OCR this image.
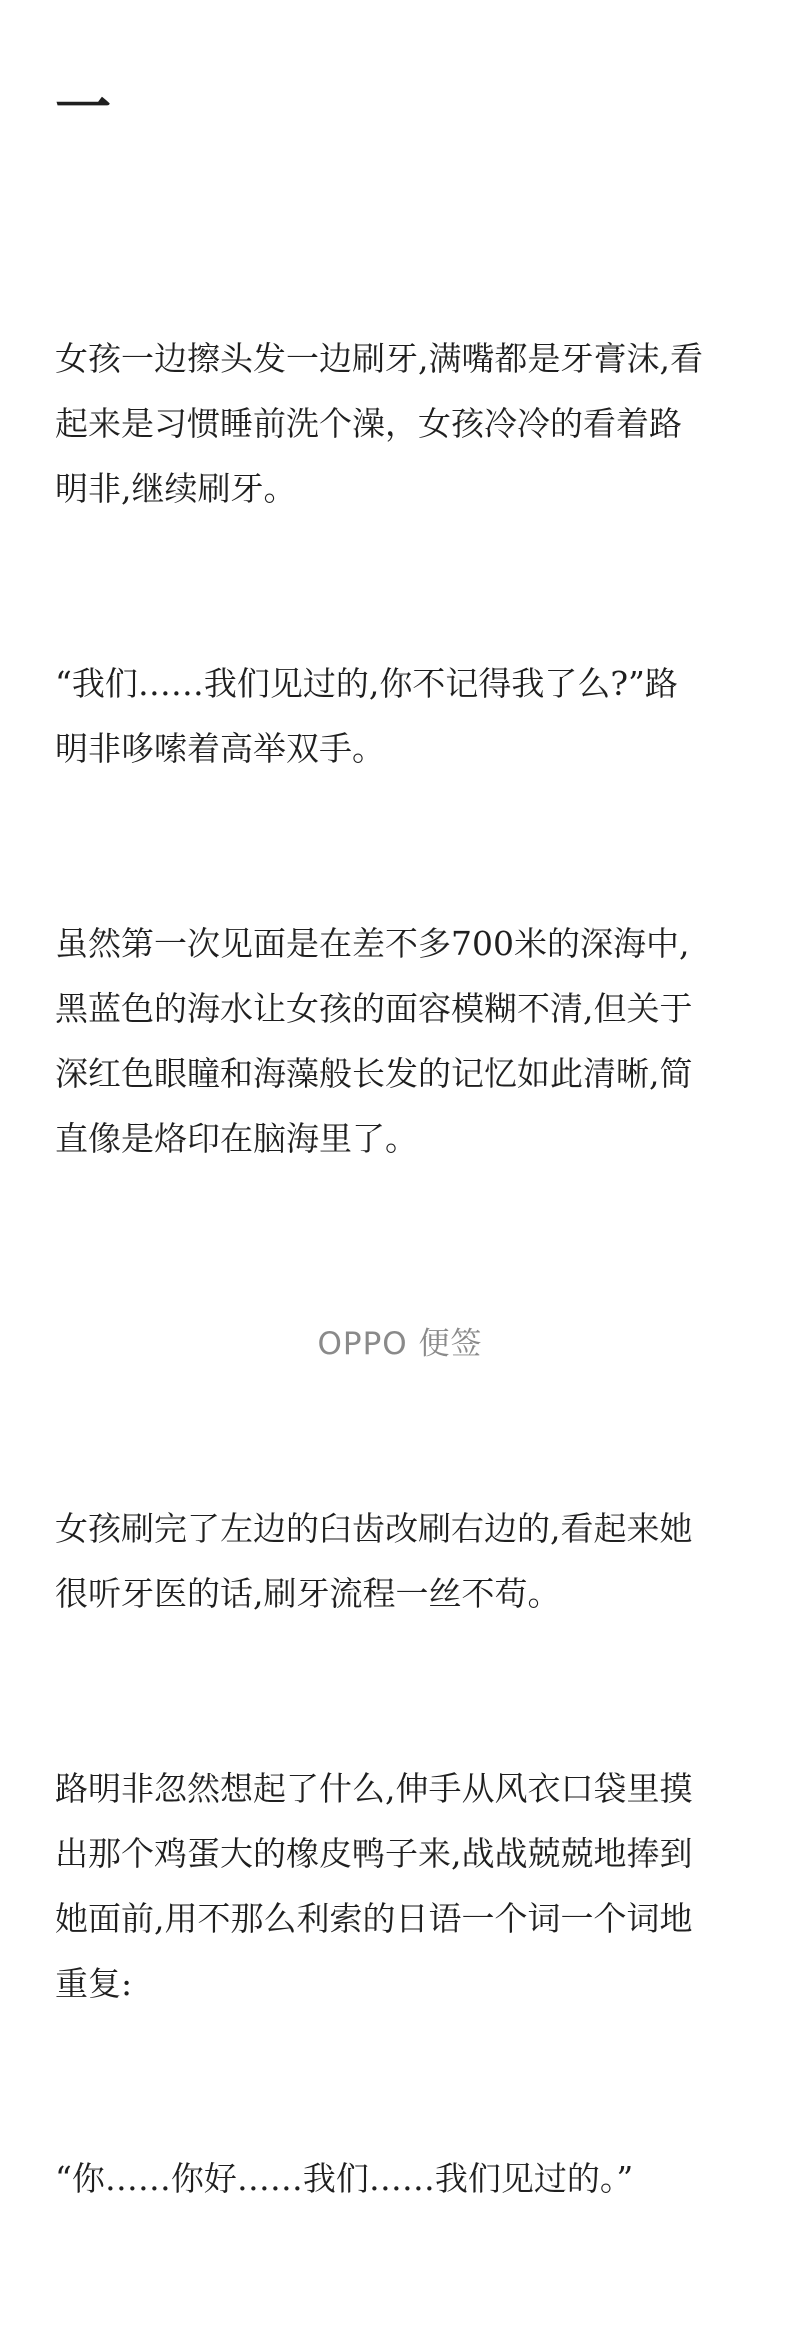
一

女孩一边擦头发一边刷牙,满嘴都是牙膏沫,看
起来是习惯睡前洗个澡，女孩冷冷的看着路
明非,继续刷牙。

“我们……我们见过的,你不记得我了么?”路
明非哆嗦着高举双手。

虽然第一次见面是在差不多700米的深海中,
黑蓝色的海水让女孩的面容模糊不清,但关于
深红色眼瞳和海藻般长发的记忆如此清晰,简
直像是烙印在脑海里了。

女孩刷完了左边的臼齿改刷右边的,看起来她
很听牙医的话,刷牙流程一丝不苟。

路明非忽然想起了什么,伸手从风衣口袋里摸
出那个鸡蛋大的橡皮鸭子来,战战兢兢地捧到
她面前,用不那么利索的日语一个词一个词地
重复:

“你……你好……我们……我们见过的。”

OPPO 便签
